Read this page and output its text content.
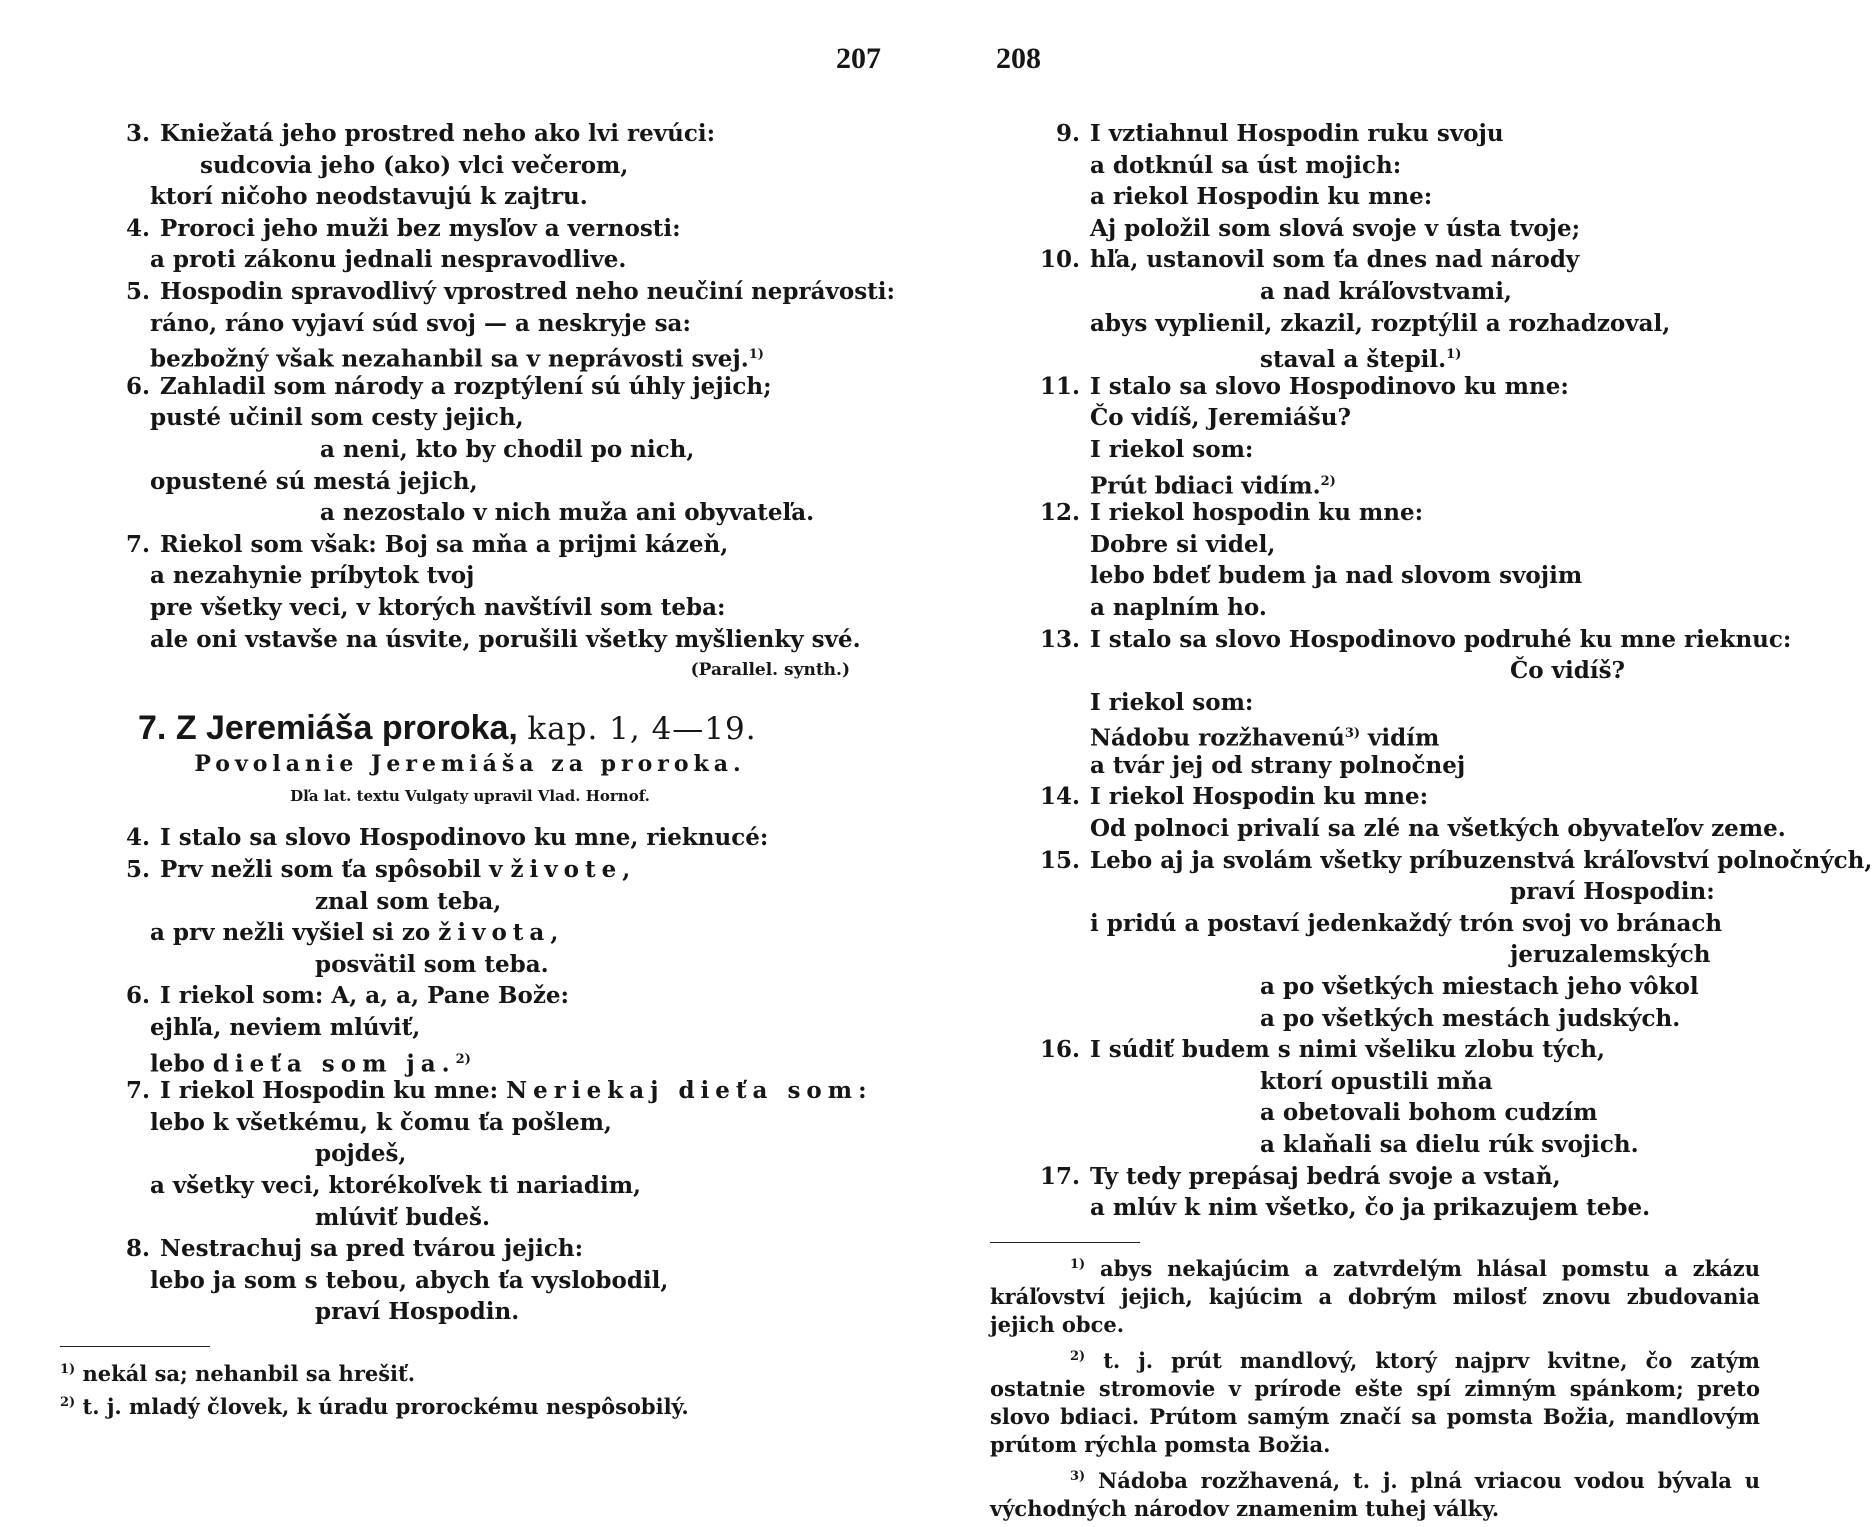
207	208
3. Kniežatá jeho prostred neho ako lvi revúci:
sudcovia jeho (ako) vlci večerom,
ktorí ničoho neodstavujú k zajtru.
4. Proroci jeho muži bez mysľov a vernosti:
a proti zákonu jednali nespravodlive.
5. Hospodin spravodlivý vprostred neho neučiní neprávosti:
ráno, ráno vyjaví súd svoj — a neskryje sa:
bezbožný však nezahanbil sa v neprávosti svej.$^{1)}$
6. Zahladil som národy a rozptýlení sú úhly jejich;
pusté učinil som cesty jejich,
a neni, kto by chodil po nich,
opustené sú mestá jejich,
a nezostalo v nich muža ani obyvateľa.
7. Riekol som však: Boj sa mňa a prijmi kázeň,
a nezahynie príbytok tvoj
pre všetky veci, v ktorých navštívil som teba:
ale oni vstavše na úsvite, porušili všetky myšlienky své.
(Parallel. synth.)
7. Z Jeremiáša proroka, kap. 1, 4—19.
Povolanie Jeremiáša za proroka.
Dľa lat. textu Vulgaty upravil Vlad. Hornof.
4. I stalo sa slovo Hospodinovo ku mne, rieknucé:
5. Prv nežli som ťa spôsobil v živote,
znal som teba,
a prv nežli vyšiel si zo života,
posvätil som teba.
6. I riekol som: A, a, a, Pane Bože:
ejhľa, neviem mlúviť,
lebo dieťa som ja.$^{2)}$
7. I riekol Hospodin ku mne: Neriekaj dieťa som:
lebo k všetkému, k čomu ťa pošlem,
pojdeš,
a všetky veci, ktorékoľvek ti nariadim,
mlúviť budeš.
8. Nestrachuj sa pred tvárou jejich:
lebo ja som s tebou, abych ťa vyslobodil,
praví Hospodin.
$^{1)}$ nekál sa; nehanbil sa hrešiť.
$^{2)}$ t. j. mladý človek, k úradu prorockému nespôsobilý.
9. I vztiahnul Hospodin ruku svoju
a dotknúl sa úst mojich:
a riekol Hospodin ku mne:
Aj položil som slová svoje v ústa tvoje;
10. hľa, ustanovil som ťa dnes nad národy
a nad kráľovstvami,
abys vyplienil, zkazil, rozptýlil a rozhadzoval,
staval a štepil.$^{1)}$
11. I stalo sa slovo Hospodinovo ku mne:
Čo vidíš, Jeremiášu?
I riekol som:
Prút bdiaci vidím.$^{2)}$
12. I riekol hospodin ku mne:
Dobre si videl,
lebo bdeť budem ja nad slovom svojim
a naplním ho.
13. I stalo sa slovo Hospodinovo podruhé ku mne rieknuc:
Čo vidíš?
I riekol som:
Nádobu rozžhavenú$^{3)}$ vidím
a tvár jej od strany polnočnej
14. I riekol Hospodin ku mne:
Od polnoci privalí sa zlé na všetkých obyvateľov zeme.
15. Lebo aj ja svolám všetky príbuzenstvá kráľovství polnočných,
praví Hospodin:
i pridú a postaví jedenkaždý trón svoj vo bránach
jeruzalemských
a po všetkých miestach jeho vôkol
a po všetkých mestách judských.
16. I súdiť budem s nimi všeliku zlobu tých,
ktorí opustili mňa
a obetovali bohom cudzím
a klaňali sa dielu rúk svojich.
17. Ty tedy prepásaj bedrá svoje a vstaň,
a mlúv k nim všetko, čo ja prikazujem tebe.
$^{1)}$ abys nekajúcim a zatvrdelým hlásal pomstu a zkázu kráľovství jejich, kajúcim a dobrým milosť znovu zbudovania jejich obce.
$^{2)}$ t. j. prút mandlový, ktorý najprv kvitne, čo zatým ostatnie stromovie v prírode ešte spí zimným spánkom; preto slovo bdiaci. Prútom samým značí sa pomsta Božia, mandlovým prútom rýchla pomsta Božia.
$^{3)}$ Nádoba rozžhavená, t. j. plná vriacou vodou bývala u východných národov znamenim tuhej války.
